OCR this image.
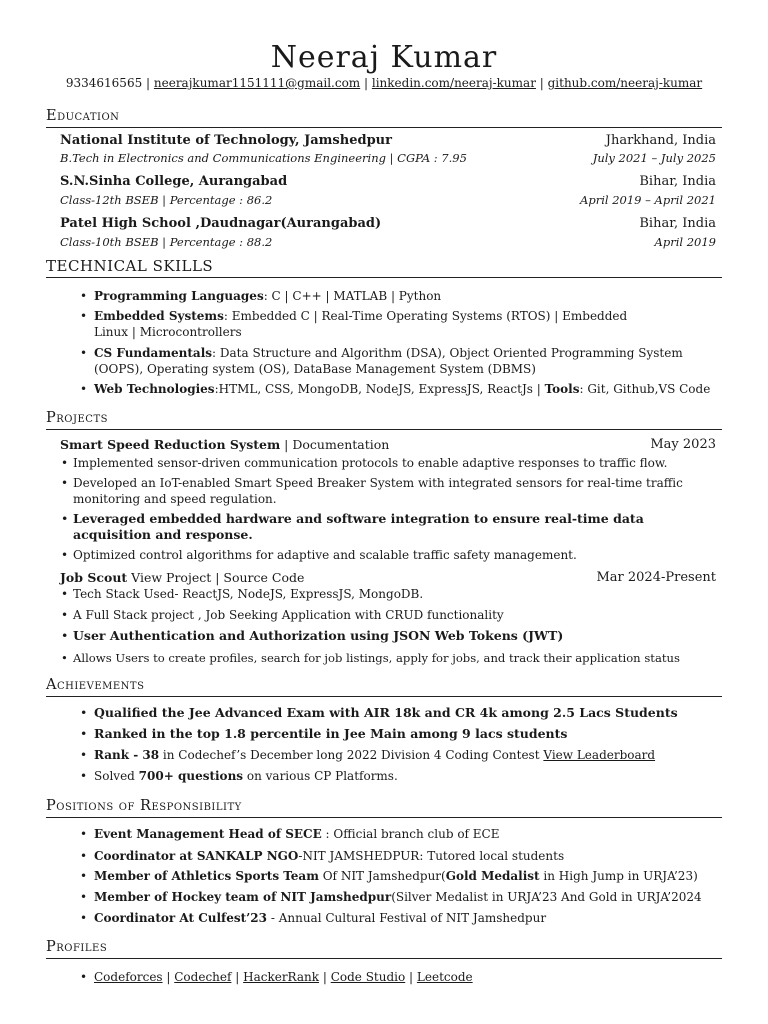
Neeraj Kumar
9334616565 | neerajkumar1151111@gmail.com | linkedin.com/neeraj-kumar | github.com/neeraj-kumar
Education
National Institute of Technology, Jamshedpur	Jharkhand, India
B.Tech in Electronics and Communications Engineering | CGPA : 7.95	July 2021 – July 2025
S.N.Sinha College, Aurangabad	Bihar, India
Class-12th BSEB | Percentage : 86.2	April 2019 – April 2021
Patel High School ,Daudnagar(Aurangabad)	Bihar, India
Class-10th BSEB | Percentage : 88.2	April 2019
TECHNICAL SKILLS
• Programming Languages: C | C++ | MATLAB | Python
• Embedded Systems: Embedded C | Real-Time Operating Systems (RTOS) | Embedded Linux | Microcontrollers
• CS Fundamentals: Data Structure and Algorithm (DSA), Object Oriented Programming System (OOPS), Operating system (OS), DataBase Management System (DBMS)
• Web Technologies:HTML, CSS, MongoDB, NodeJS, ExpressJS, ReactJs | Tools: Git, Github,VS Code
Projects
Smart Speed Reduction System | Documentation	May 2023
• Implemented sensor-driven communication protocols to enable adaptive responses to traffic flow.
• Developed an IoT-enabled Smart Speed Breaker System with integrated sensors for real-time traffic monitoring and speed regulation.
• Leveraged embedded hardware and software integration to ensure real-time data acquisition and response.
• Optimized control algorithms for adaptive and scalable traffic safety management.
Job Scout View Project | Source Code	Mar 2024-Present
• Tech Stack Used- ReactJS, NodeJS, ExpressJS, MongoDB.
• A Full Stack project , Job Seeking Application with CRUD functionality
• User Authentication and Authorization using JSON Web Tokens (JWT)
• Allows Users to create profiles, search for job listings, apply for jobs, and track their application status
Achievements
• Qualified the Jee Advanced Exam with AIR 18k and CR 4k among 2.5 Lacs Students
• Ranked in the top 1.8 percentile in Jee Main among 9 lacs students
• Rank - 38 in Codechef’s December long 2022 Division 4 Coding Contest View Leaderboard
• Solved 700+ questions on various CP Platforms.
Positions of Responsibility
• Event Management Head of SECE : Official branch club of ECE
• Coordinator at SANKALP NGO-NIT JAMSHEDPUR: Tutored local students
• Member of Athletics Sports Team Of NIT Jamshedpur(Gold Medalist in High Jump in URJA’23)
• Member of Hockey team of NIT Jamshedpur(Silver Medalist in URJA’23 And Gold in URJA’2024
• Coordinator At Culfest’23 - Annual Cultural Festival of NIT Jamshedpur
Profiles
• Codeforces | Codechef | HackerRank | Code Studio | Leetcode
